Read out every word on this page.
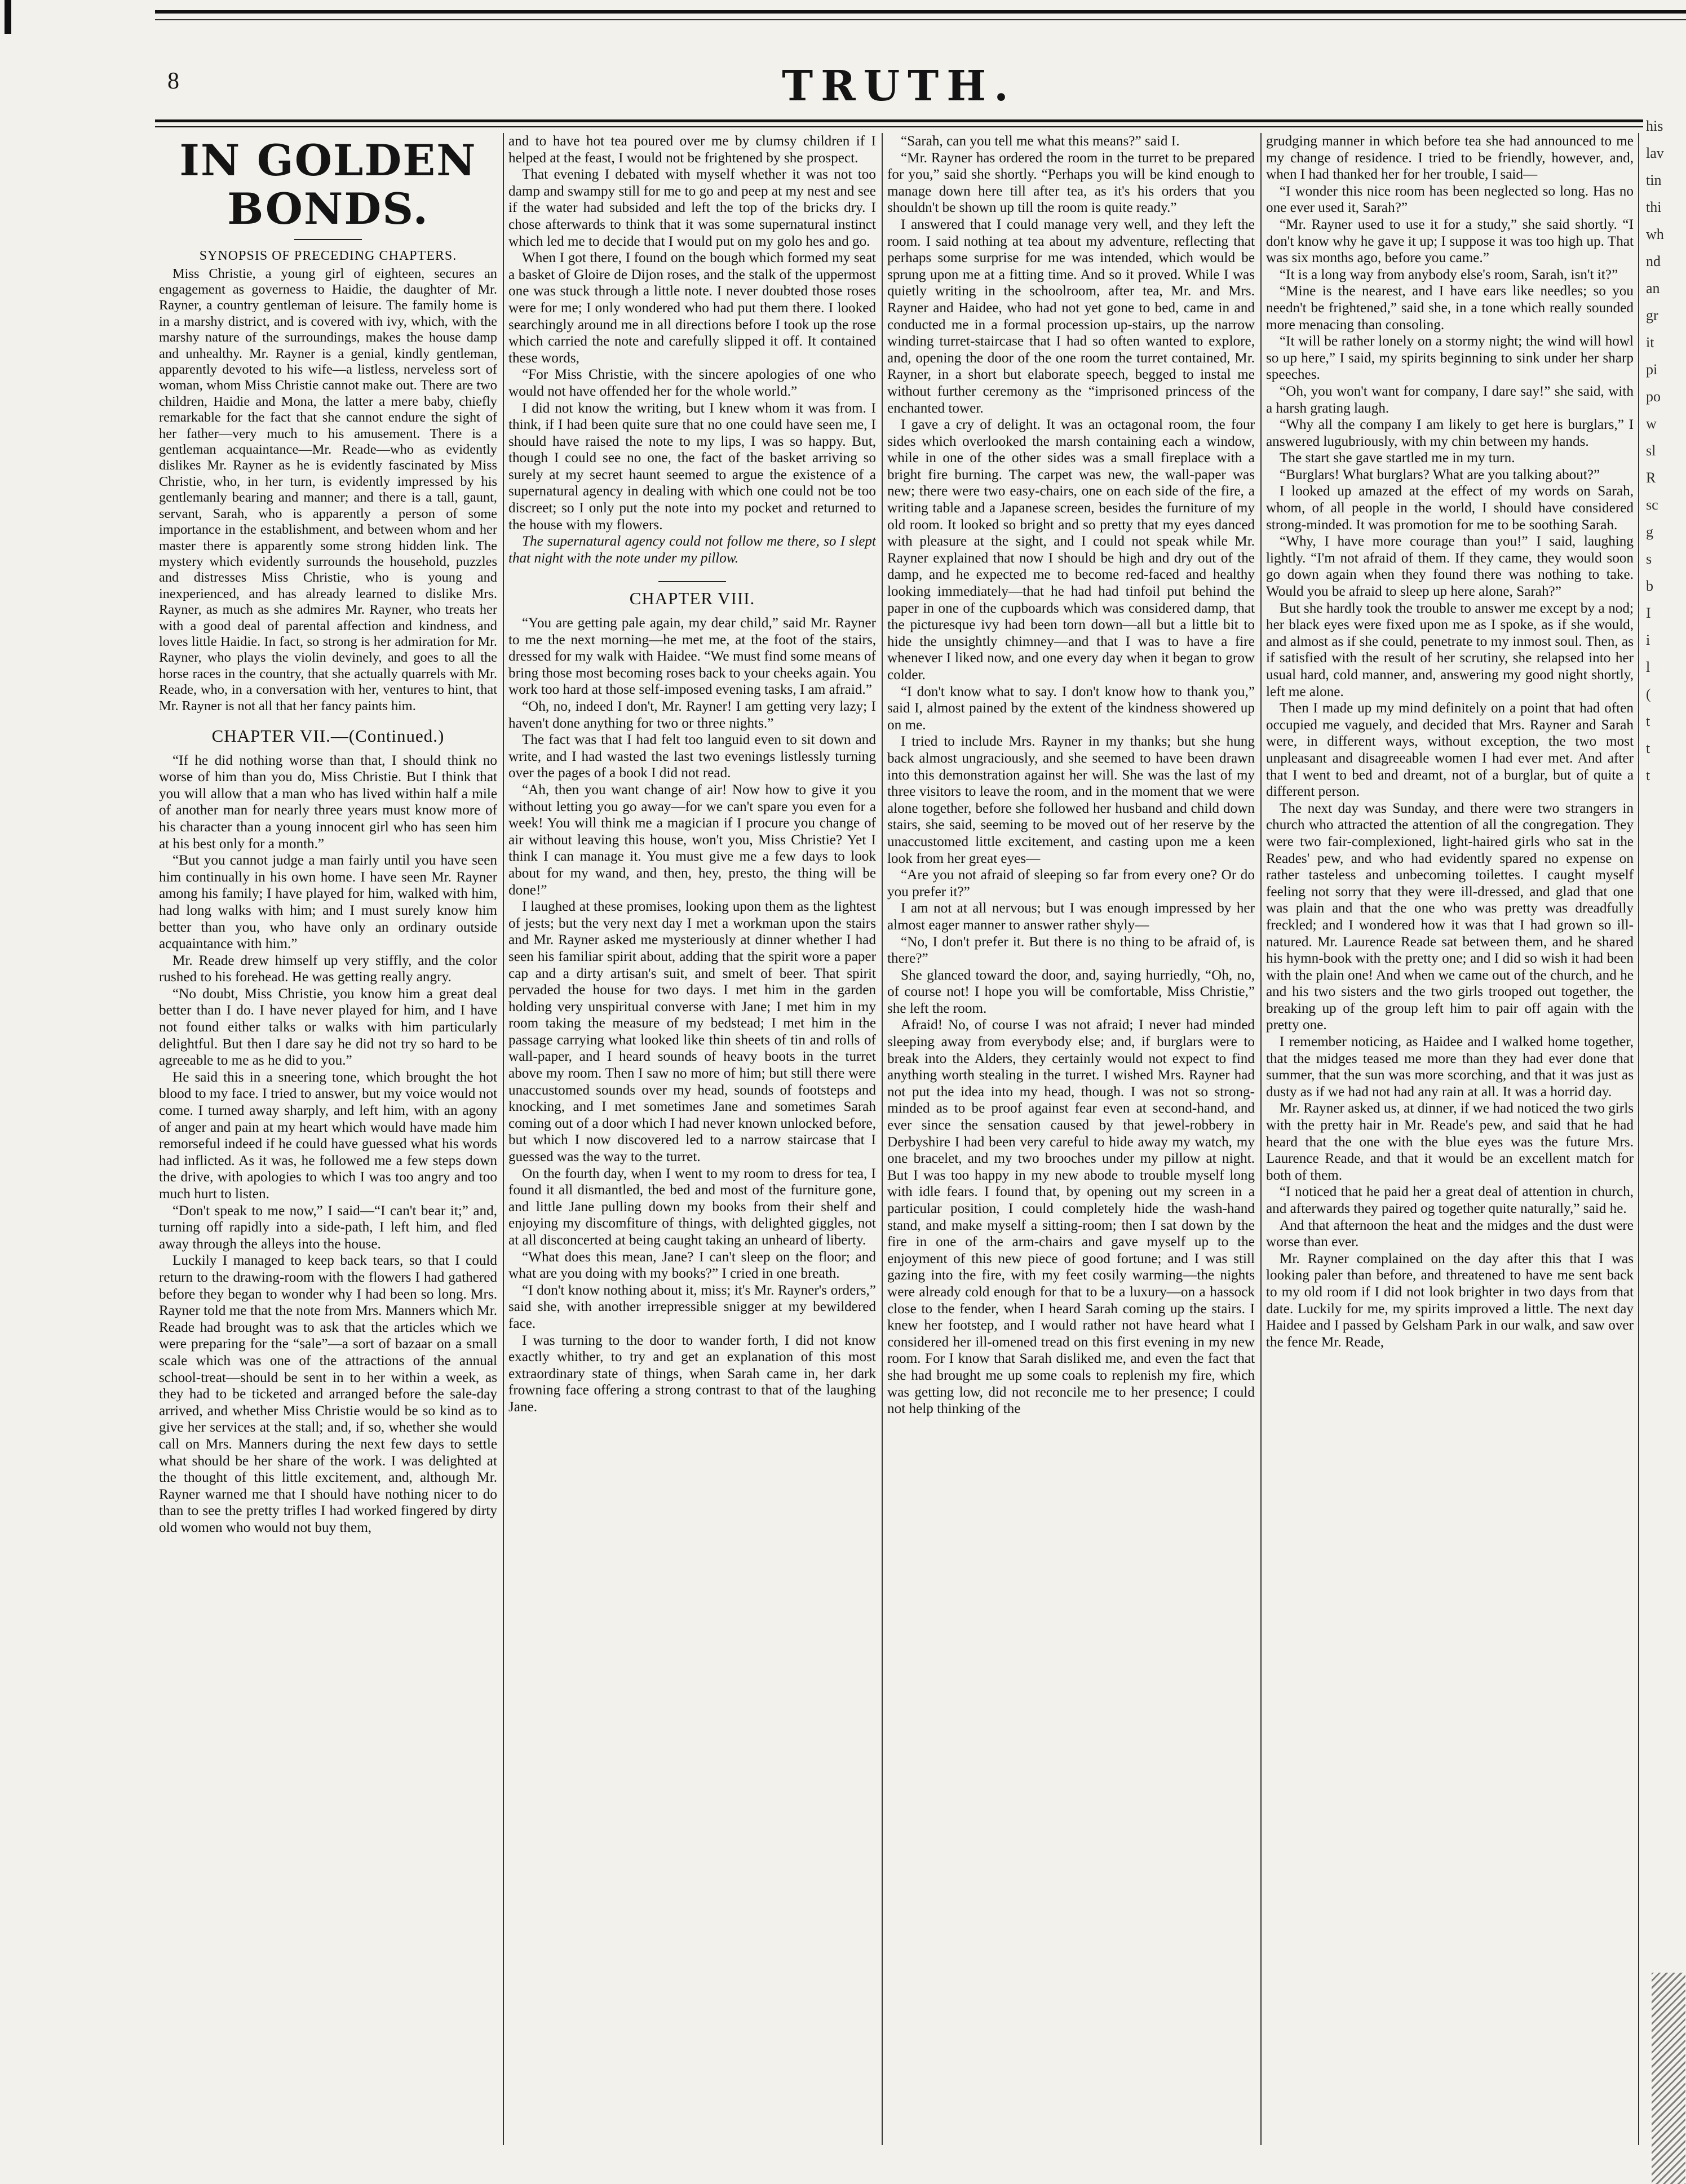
8	TRUTH.
IN GOLDEN BONDS.
SYNOPSIS OF PRECEDING CHAPTERS.

Miss Christie, a young girl of eighteen, secures an engagement as governess to Haidie, the daughter of Mr. Rayner, a country gentleman of leisure. The family home is in a marshy district, and is covered with ivy, which, with the marshy nature of the surroundings, makes the house damp and unhealthy. Mr. Rayner is a genial, kindly gentleman, apparently devoted to his wife—a listless, nerveless sort of woman, whom Miss Christie cannot make out. There are two children, Haidie and Mona, the latter a mere baby, chiefly remarkable for the fact that she cannot endure the sight of her father—very much to his amusement. There is a gentleman acquaintance—Mr. Reade—who as evidently dislikes Mr. Rayner as he is evidently fascinated by Miss Christie, who, in her turn, is evidently impressed by his gentlemanly bearing and manner; and there is a tall, gaunt, servant, Sarah, who is apparently a person of some importance in the establishment, and between whom and her master there is apparently some strong hidden link. The mystery which evidently surrounds the household, puzzles and distresses Miss Christie, who is young and inexperienced, and has already learned to dislike Mrs. Rayner, as much as she admires Mr. Rayner, who treats her with a good deal of parental affection and kindness, and loves little Haidie. In fact, so strong is her admiration for Mr. Rayner, who plays the violin devinely, and goes to all the horse races in the country, that she actually quarrels with Mr. Reade, who, in a conversation with her, ventures to hint, that Mr. Rayner is not all that her fancy paints him.

CHAPTER VII.—(Continued.)

“If he did nothing worse than that, I should think no worse of him than you do, Miss Christie. But I think that you will allow that a man who has lived within half a mile of another man for nearly three years must know more of his character than a young innocent girl who has seen him at his best only for a month.”

“But you cannot judge a man fairly until you have seen him continually in his own home. I have seen Mr. Rayner among his family; I have played for him, walked with him, had long walks with him; and I must surely know him better than you, who have only an ordinary outside acquaintance with him.”

Mr. Reade drew himself up very stiffly, and the color rushed to his forehead. He was getting really angry.

“No doubt, Miss Christie, you know him a great deal better than I do. I have never played for him, and I have not found either talks or walks with him particularly delightful. But then I dare say he did not try so hard to be agreeable to me as he did to you.”

He said this in a sneering tone, which brought the hot blood to my face. I tried to answer, but my voice would not come. I turned away sharply, and left him, with an agony of anger and pain at my heart which would have made him remorseful indeed if he could have guessed what his words had inflicted. As it was, he followed me a few steps down the drive, with apologies to which I was too angry and too much hurt to listen.

“Don't speak to me now,” I said—“I can't bear it;” and, turning off rapidly into a side-path, I left him, and fled away through the alleys into the house.

Luckily I managed to keep back tears, so that I could return to the drawing-room with the flowers I had gathered before they began to wonder why I had been so long. Mrs. Rayner told me that the note from Mrs. Manners which Mr. Reade had brought was to ask that the articles which we were preparing for the “sale”—a sort of bazaar on a small scale which was one of the attractions of the annual school-treat—should be sent in to her within a week, as they had to be ticketed and arranged before the sale-day arrived, and whether Miss Christie would be so kind as to give her services at the stall; and, if so, whether she would call on Mrs. Manners during the next few days to settle what should be her share of the work. I was delighted at the thought of this little excitement, and, although Mr. Rayner warned me that I should have nothing nicer to do than to see the pretty trifles I had worked fingered by dirty old women who would not buy them,

and to have hot tea poured over me by clumsy children if I helped at the feast, I would not be frightened by she prospect.

That evening I debated with myself whether it was not too damp and swampy still for me to go and peep at my nest and see if the water had subsided and left the top of the bricks dry. I chose afterwards to think that it was some supernatural instinct which led me to decide that I would put on my golo hes and go.

When I got there, I found on the bough which formed my seat a basket of Gloire de Dijon roses, and the stalk of the uppermost one was stuck through a little note. I never doubted those roses were for me; I only wondered who had put them there. I looked searchingly around me in all directions before I took up the rose which carried the note and carefully slipped it off. It contained these words,

“For Miss Christie, with the sincere apologies of one who would not have offended her for the whole world.”

I did not know the writing, but I knew whom it was from. I think, if I had been quite sure that no one could have seen me, I should have raised the note to my lips, I was so happy. But, though I could see no one, the fact of the basket arriving so surely at my secret haunt seemed to argue the existence of a supernatural agency in dealing with which one could not be too discreet; so I only put the note into my pocket and returned to the house with my flowers.

The supernatural agency could not follow me there, so I slept that night with the note under my pillow.

CHAPTER VIII.

“You are getting pale again, my dear child,” said Mr. Rayner to me the next morning—he met me, at the foot of the stairs, dressed for my walk with Haidee. “We must find some means of bring those most becoming roses back to your cheeks again. You work too hard at those self-imposed evening tasks, I am afraid.”

“Oh, no, indeed I don't, Mr. Rayner! I am getting very lazy; I haven't done anything for two or three nights.”

The fact was that I had felt too languid even to sit down and write, and I had wasted the last two evenings listlessly turning over the pages of a book I did not read.

“Ah, then you want change of air! Now how to give it you without letting you go away—for we can't spare you even for a week! You will think me a magician if I procure you change of air without leaving this house, won't you, Miss Christie? Yet I think I can manage it. You must give me a few days to look about for my wand, and then, hey, presto, the thing will be done!”

I laughed at these promises, looking upon them as the lightest of jests; but the very next day I met a workman upon the stairs and Mr. Rayner asked me mysteriously at dinner whether I had seen his familiar spirit about, adding that the spirit wore a paper cap and a dirty artisan's suit, and smelt of beer. That spirit pervaded the house for two days. I met him in the garden holding very unspiritual converse with Jane; I met him in my room taking the measure of my bedstead; I met him in the passage carrying what looked like thin sheets of tin and rolls of wall-paper, and I heard sounds of heavy boots in the turret above my room. Then I saw no more of him; but still there were unaccustomed sounds over my head, sounds of footsteps and knocking, and I met sometimes Jane and sometimes Sarah coming out of a door which I had never known unlocked before, but which I now discovered led to a narrow staircase that I guessed was the way to the turret.

On the fourth day, when I went to my room to dress for tea, I found it all dismantled, the bed and most of the furniture gone, and little Jane pulling down my books from their shelf and enjoying my discomfiture of things, with delighted giggles, not at all disconcerted at being caught taking an unheard of liberty.

“What does this mean, Jane? I can't sleep on the floor; and what are you doing with my books?” I cried in one breath.

“I don't know nothing about it, miss; it's Mr. Rayner's orders,” said she, with another irrepressible snigger at my bewildered face.

I was turning to the door to wander forth, I did not know exactly whither, to try and get an explanation of this most extraordinary state of things, when Sarah came in, her dark frowning face offering a strong contrast to that of the laughing Jane.

“Sarah, can you tell me what this means?” said I.

“Mr. Rayner has ordered the room in the turret to be prepared for you,” said she shortly. “Perhaps you will be kind enough to manage down here till after tea, as it's his orders that you shouldn't be shown up till the room is quite ready.”

I answered that I could manage very well, and they left the room. I said nothing at tea about my adventure, reflecting that perhaps some surprise for me was intended, which would be sprung upon me at a fitting time. And so it proved. While I was quietly writing in the schoolroom, after tea, Mr. and Mrs. Rayner and Haidee, who had not yet gone to bed, came in and conducted me in a formal procession up-stairs, up the narrow winding turret-staircase that I had so often wanted to explore, and, opening the door of the one room the turret contained, Mr. Rayner, in a short but elaborate speech, begged to instal me without further ceremony as the “imprisoned princess of the enchanted tower.

I gave a cry of delight. It was an octagonal room, the four sides which overlooked the marsh containing each a window, while in one of the other sides was a small fireplace with a bright fire burning. The carpet was new, the wall-paper was new; there were two easy-chairs, one on each side of the fire, a writing table and a Japanese screen, besides the furniture of my old room. It looked so bright and so pretty that my eyes danced with pleasure at the sight, and I could not speak while Mr. Rayner explained that now I should be high and dry out of the damp, and he expected me to become red-faced and healthy looking immediately—that he had had tinfoil put behind the paper in one of the cupboards which was considered damp, that the picturesque ivy had been torn down—all but a little bit to hide the unsightly chimney—and that I was to have a fire whenever I liked now, and one every day when it began to grow colder.

“I don't know what to say. I don't know how to thank you,” said I, almost pained by the extent of the kindness showered up on me.

I tried to include Mrs. Rayner in my thanks; but she hung back almost ungraciously, and she seemed to have been drawn into this demonstration against her will. She was the last of my three visitors to leave the room, and in the moment that we were alone together, before she followed her husband and child down stairs, she said, seeming to be moved out of her reserve by the unaccustomed little excitement, and casting upon me a keen look from her great eyes—

“Are you not afraid of sleeping so far from every one? Or do you prefer it?”

I am not at all nervous; but I was enough impressed by her almost eager manner to answer rather shyly—

“No, I don't prefer it. But there is no thing to be afraid of, is there?”

She glanced toward the door, and, saying hurriedly, “Oh, no, of course not! I hope you will be comfortable, Miss Christie,” she left the room.

Afraid! No, of course I was not afraid; I never had minded sleeping away from everybody else; and, if burglars were to break into the Alders, they certainly would not expect to find anything worth stealing in the turret. I wished Mrs. Rayner had not put the idea into my head, though. I was not so strong-minded as to be proof against fear even at second-hand, and ever since the sensation caused by that jewel-robbery in Derbyshire I had been very careful to hide away my watch, my one bracelet, and my two brooches under my pillow at night. But I was too happy in my new abode to trouble myself long with idle fears. I found that, by opening out my screen in a particular position, I could completely hide the wash-hand stand, and make myself a sitting-room; then I sat down by the fire in one of the arm-chairs and gave myself up to the enjoyment of this new piece of good fortune; and I was still gazing into the fire, with my feet cosily warming—the nights were already cold enough for that to be a luxury—on a hassock close to the fender, when I heard Sarah coming up the stairs. I knew her footstep, and I would rather not have heard what I considered her ill-omened tread on this first evening in my new room. For I know that Sarah disliked me, and even the fact that she had brought me up some coals to replenish my fire, which was getting low, did not reconcile me to her presence; I could not help thinking of the

grudging manner in which before tea she had announced to me my change of residence. I tried to be friendly, however, and, when I had thanked her for her trouble, I said—

“I wonder this nice room has been neglected so long. Has no one ever used it, Sarah?”

“Mr. Rayner used to use it for a study,” she said shortly. “I don't know why he gave it up; I suppose it was too high up. That was six months ago, before you came.”

“It is a long way from anybody else's room, Sarah, isn't it?”

“Mine is the nearest, and I have ears like needles; so you needn't be frightened,” said she, in a tone which really sounded more menacing than consoling.

“It will be rather lonely on a stormy night; the wind will howl so up here,” I said, my spirits beginning to sink under her sharp speeches.

“Oh, you won't want for company, I dare say!” she said, with a harsh grating laugh.

“Why all the company I am likely to get here is burglars,” I answered lugubriously, with my chin between my hands.

The start she gave startled me in my turn.

“Burglars! What burglars? What are you talking about?”

I looked up amazed at the effect of my words on Sarah, whom, of all people in the world, I should have considered strong-minded. It was promotion for me to be soothing Sarah.

“Why, I have more courage than you!” I said, laughing lightly. “I'm not afraid of them. If they came, they would soon go down again when they found there was nothing to take. Would you be afraid to sleep up here alone, Sarah?”

But she hardly took the trouble to answer me except by a nod; her black eyes were fixed upon me as I spoke, as if she would, and almost as if she could, penetrate to my inmost soul. Then, as if satisfied with the result of her scrutiny, she relapsed into her usual hard, cold manner, and, answering my good night shortly, left me alone.

Then I made up my mind definitely on a point that had often occupied me vaguely, and decided that Mrs. Rayner and Sarah were, in different ways, without exception, the two most unpleasant and disagreeable women I had ever met. And after that I went to bed and dreamt, not of a burglar, but of quite a different person.

The next day was Sunday, and there were two strangers in church who attracted the attention of all the congregation. They were two fair-complexioned, light-haired girls who sat in the Reades' pew, and who had evidently spared no expense on rather tasteless and unbecoming toilettes. I caught myself feeling not sorry that they were ill-dressed, and glad that one was plain and that the one who was pretty was dreadfully freckled; and I wondered how it was that I had grown so ill-natured. Mr. Laurence Reade sat between them, and he shared his hymn-book with the pretty one; and I did so wish it had been with the plain one! And when we came out of the church, and he and his two sisters and the two girls trooped out together, the breaking up of the group left him to pair off again with the pretty one.

I remember noticing, as Haidee and I walked home together, that the midges teased me more than they had ever done that summer, that the sun was more scorching, and that it was just as dusty as if we had not had any rain at all. It was a horrid day.

Mr. Rayner asked us, at dinner, if we had noticed the two girls with the pretty hair in Mr. Reade's pew, and said that he had heard that the one with the blue eyes was the future Mrs. Laurence Reade, and that it would be an excellent match for both of them.

“I noticed that he paid her a great deal of attention in church, and afterwards they paired og together quite naturally,” said he.

And that afternoon the heat and the midges and the dust were worse than ever.

Mr. Rayner complained on the day after this that I was looking paler than before, and threatened to have me sent back to my old room if I did not look brighter in two days from that date. Luckily for me, my spirits improved a little. The next day Haidee and I passed by Gelsham Park in our walk, and saw over the fence Mr. Reade,

his
lav
tin
thi
wh
nd
an
gr
it
pi
po
w
sl
R
sc
g
s
b
I
i
l
(
t
t
t
